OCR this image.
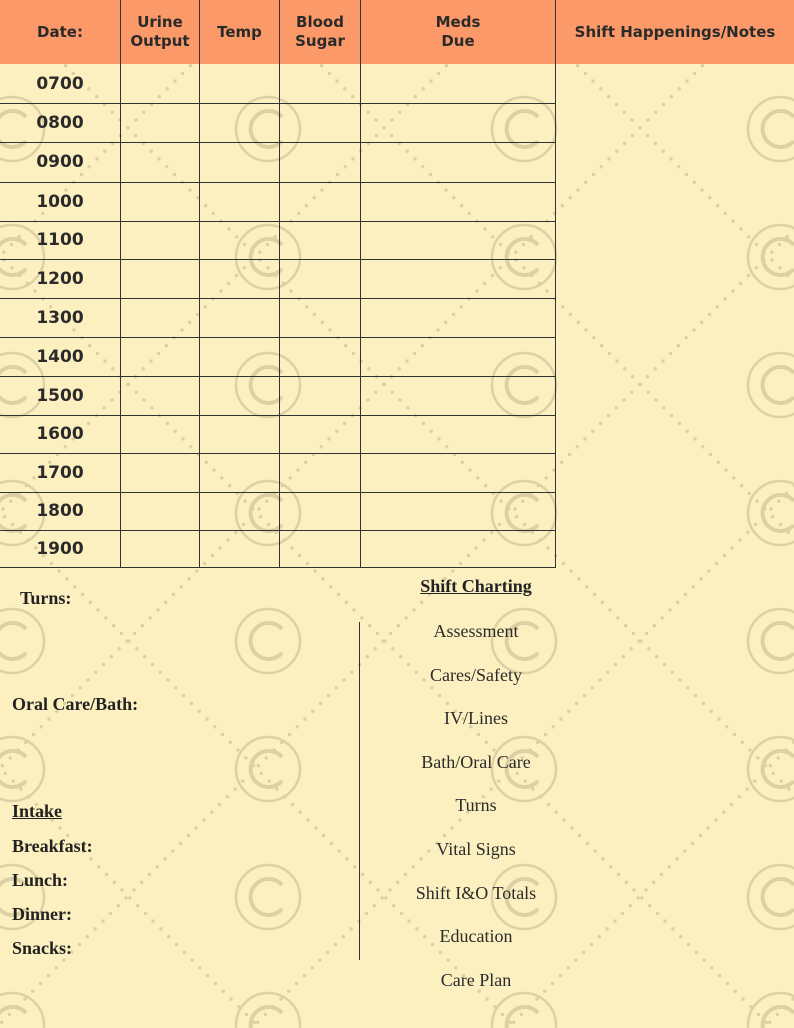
Date:
Urine
Output
Temp
Blood
Sugar
Meds
Due
Shift Happenings/Notes
0700
0800
0900
1000
1100
1200
1300
1400
1500
1600
1700
1800
1900
Turns:
Oral Care/Bath:
Intake
Breakfast:
Lunch:
Dinner:
Snacks:
Shift Charting
Assessment
Cares/Safety
IV/Lines
Bath/Oral Care
Turns
Vital Signs
Shift I&O Totals
Education
Care Plan
